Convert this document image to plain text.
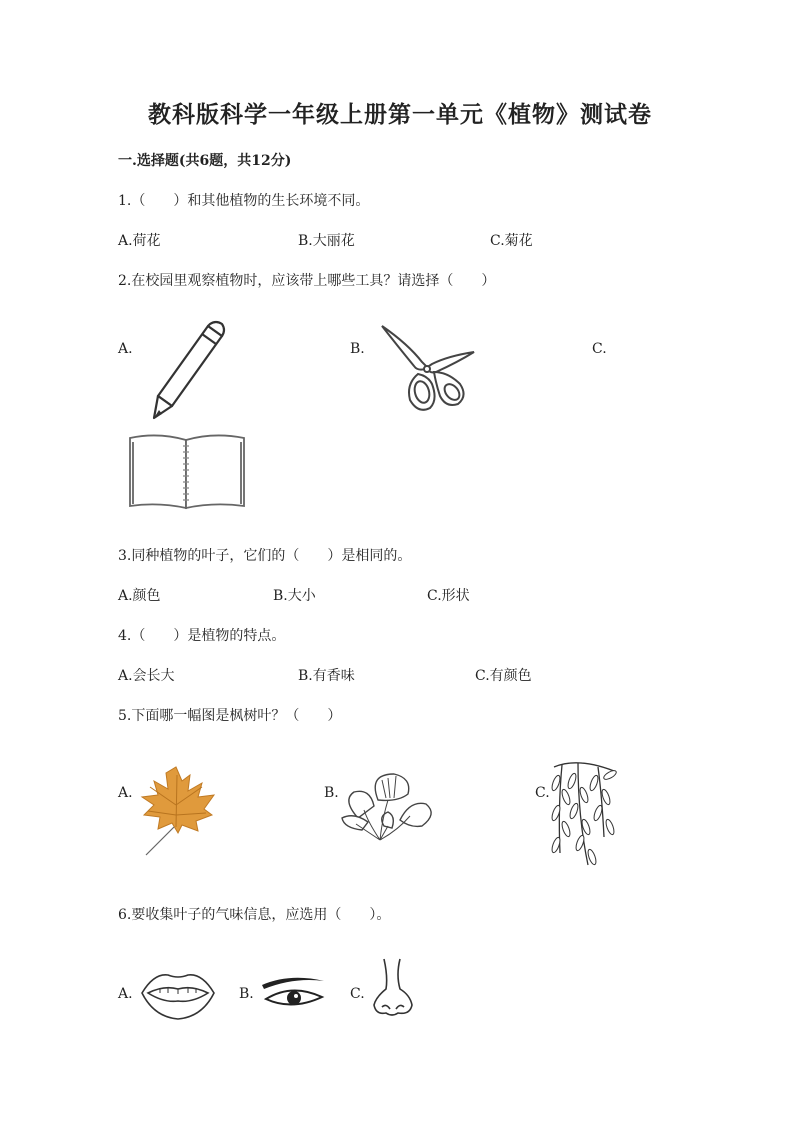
教科版科学一年级上册第一单元《植物》测试卷
一.选择题(共6题，共12分)
1.（　　）和其他植物的生长环境不同。
A.荷花	B.大丽花	C.菊花
2.在校园里观察植物时，应该带上哪些工具？请选择（　　）
A.	B.	C.
3.同种植物的叶子，它们的（　　）是相同的。
A.颜色	B.大小	C.形状
4.（　　）是植物的特点。
A.会长大	B.有香味	C.有颜色
5.下面哪一幅图是枫树叶？（　　）
A.	B.	C.
6.要收集叶子的气味信息，应选用（　　）。
A.	B.	C.
